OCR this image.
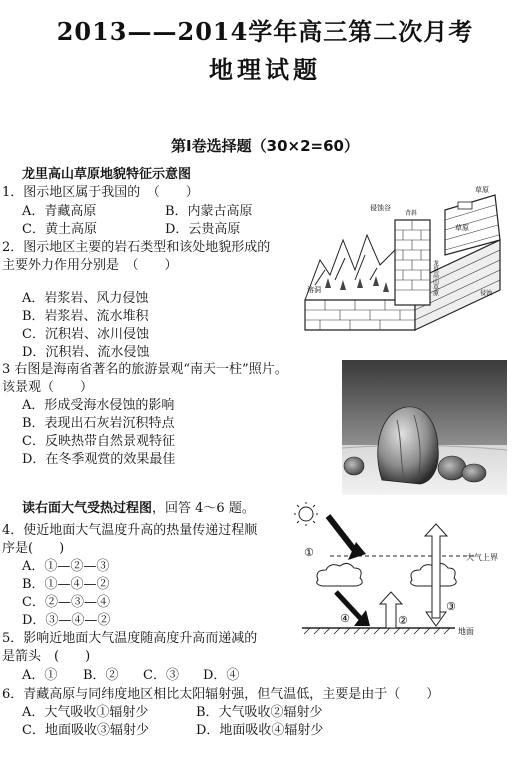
2013——2014学年高三第二次月考
地理试题
第Ⅰ卷选择题（30×2=60）
龙里高山草原地貌特征示意图
1．图示地区属于我国的　（　　）
A．青藏高原	B．内蒙古高原
C．黄土高原	D．云贵高原
2．图示地区主要的岩石类型和该处地貌形成的
主要外力作用分别是　（　　）
A．岩浆岩、风力侵蚀
B．岩浆岩、流水堆积
C．沉积岩、冰川侵蚀
D．沉积岩、流水侵蚀
3 右图是海南省著名的旅游景观“南天一柱”照片。
该景观（　　）
A．形成受海水侵蚀的影响
B．表现出石灰岩沉积特点
C．反映热带自然景观特征
D．在冬季观赏的效果最佳
读右面大气受热过程图，回答 4～6 题。
4．使近地面大气温度升高的热量传递过程顺
序是(　　)
A．①—②—③
B．①—④—②
C．②—③—④
D．③—④—②
5．影响近地面大气温度随高度升高而递减的
是箭头　(　　)
A．① B．② C．③ D．④
6．青藏高原与同纬度地区相比太阳辐射强，但气温低，主要是由于（　　）
A．大气吸收①辐射少	B．大气吸收②辐射少
C．地面吸收③辐射少	D．地面吸收④辐射少
草原
侵蚀谷
溶洞
草原
龙里高山草原
背斜
侵蚀
①
②
③
④
大气上界
地面
